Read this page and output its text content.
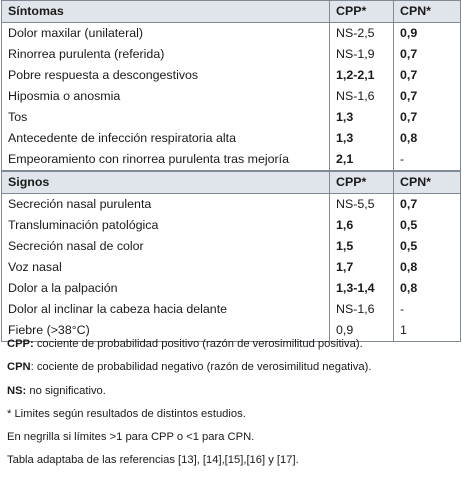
Síntomas	CPP*	CPN*
Dolor maxilar (unilateral)	NS-2,5	0,9
Rinorrea purulenta (referida)	NS-1,9	0,7
Pobre respuesta a descongestivos	1,2-2,1	0,7
Hiposmia o anosmia	NS-1,6	0,7
Tos	1,3	0,7
Antecedente de infección respiratoria alta	1,3	0,8
Empeoramiento con rinorrea purulenta tras mejoría	2,1	-
Signos	CPP*	CPN*
Secreción nasal purulenta	NS-5,5	0,7
Transluminación patológica	1,6	0,5
Secreción nasal de color	1,5	0,5
Voz nasal	1,7	0,8
Dolor a la palpación	1,3-1,4	0,8
Dolor al inclinar la cabeza hacia delante	NS-1,6	-
Fiebre (>38°C)	0,9	1

CPP: cociente de probabilidad positivo (razón de verosimilitud positiva).

CPN: cociente de probabilidad negativo (razón de verosimilitud negativa).

NS: no significativo.

* Limites según resultados de distintos estudios.

En negrilla si límites >1 para CPP o <1 para CPN.

Tabla adaptaba de las referencias [13], [14],[15],[16] y [17].
